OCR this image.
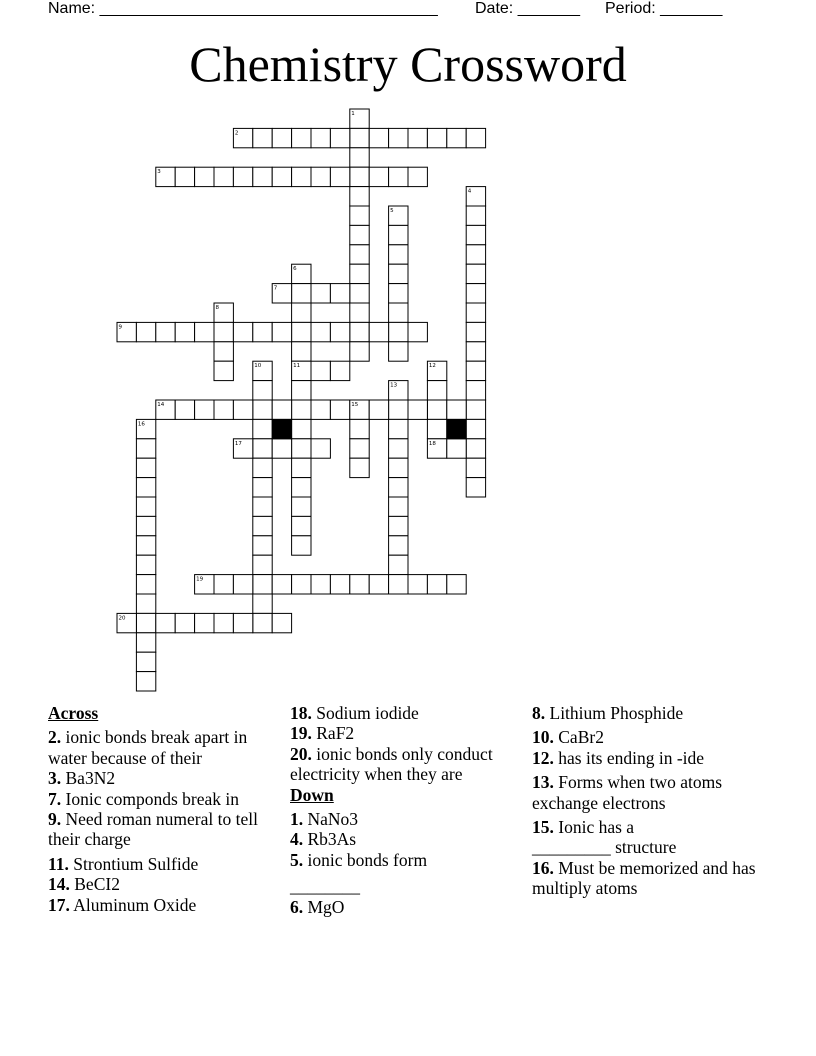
Name: ______________________________________ Date: _______ Period: _______
Chemistry Crossword
1
2
3
4
5
6
7
8
9
10	11	12
13
14	15
16
17	18
19
20

Across

2. ionic bonds break apart in water because of their

3. Ba3N2

7. Ionic componds break in

9. Need roman numeral to tell their charge

11. Strontium Sulfide

14. BeCI2

17. Aluminum Oxide

18. Sodium iodide

19. RaF2

20. ionic bonds only conduct electricity when they are

Down

1. NaNo3

4. Rb3As

5. ionic bonds form

________

6. MgO

8. Lithium Phosphide

10. CaBr2

12. has its ending in -ide

13. Forms when two atoms exchange electrons

15. Ionic has a

_________ structure

16. Must be memorized and has multiply atoms
